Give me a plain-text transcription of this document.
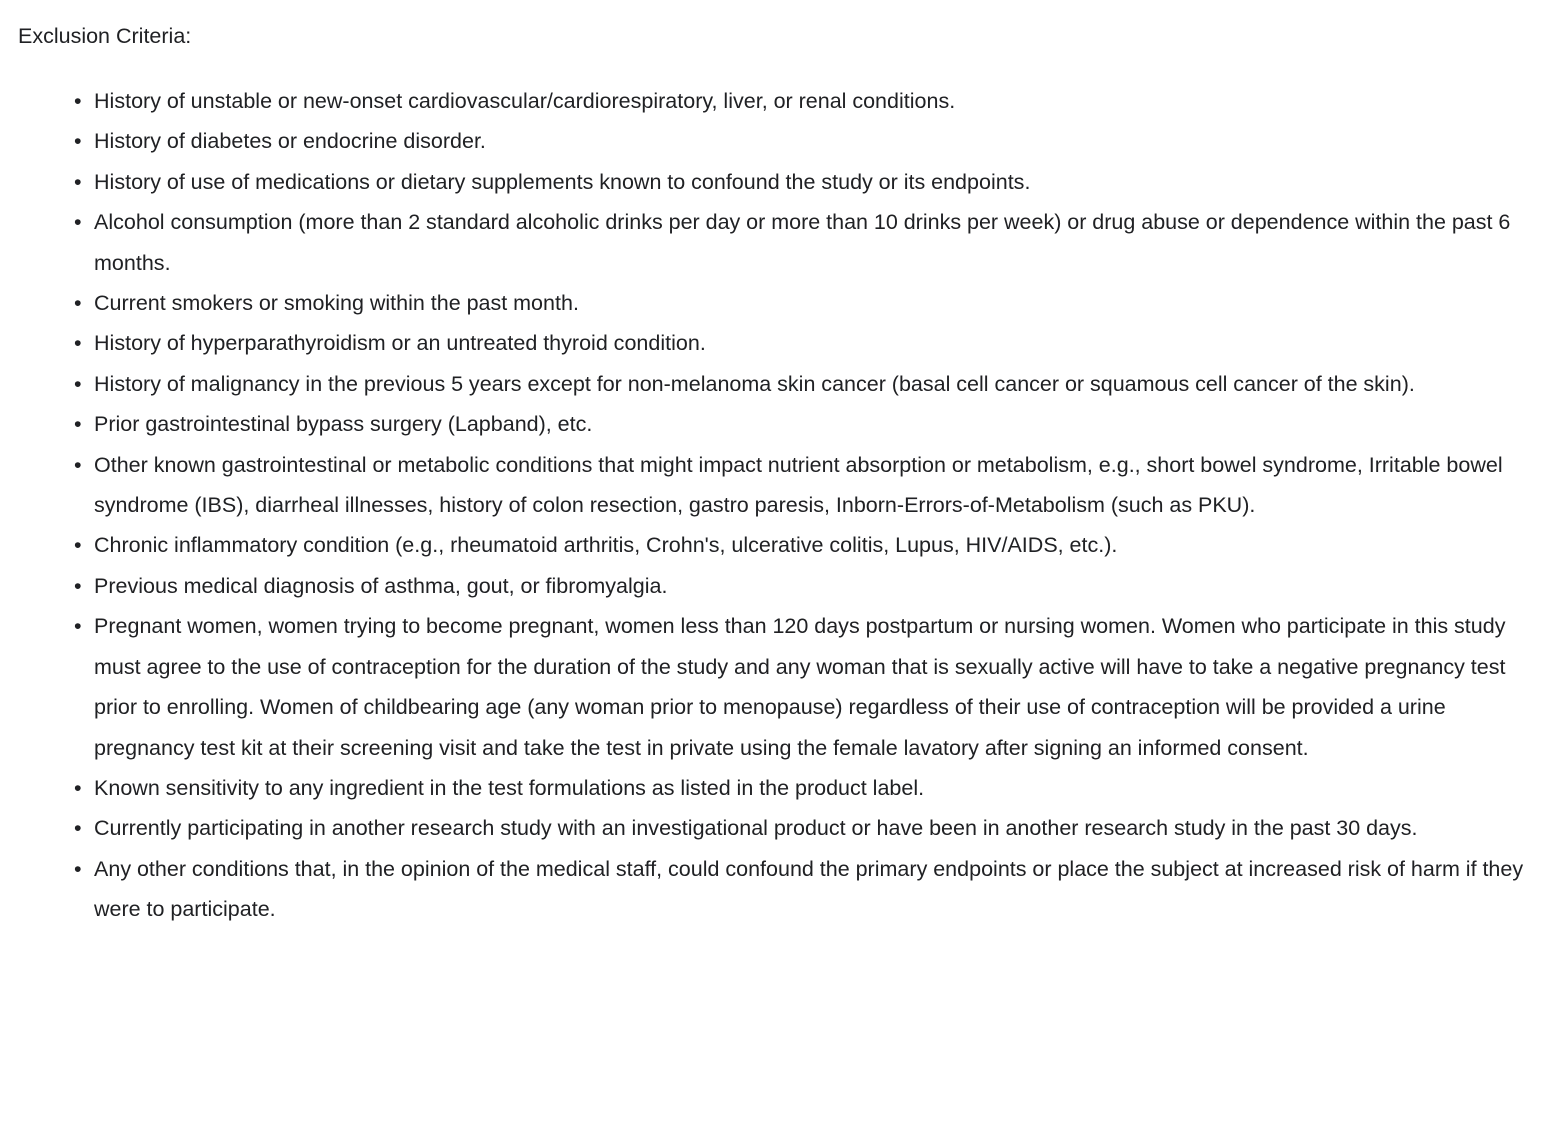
Exclusion Criteria:
• History of unstable or new-onset cardiovascular/cardiorespiratory, liver, or renal conditions.
• History of diabetes or endocrine disorder.
• History of use of medications or dietary supplements known to confound the study or its endpoints.
• Alcohol consumption (more than 2 standard alcoholic drinks per day or more than 10 drinks per week) or drug abuse or dependence within the past 6 months.
• Current smokers or smoking within the past month.
• History of hyperparathyroidism or an untreated thyroid condition.
• History of malignancy in the previous 5 years except for non-melanoma skin cancer (basal cell cancer or squamous cell cancer of the skin).
• Prior gastrointestinal bypass surgery (Lapband), etc.
• Other known gastrointestinal or metabolic conditions that might impact nutrient absorption or metabolism, e.g., short bowel syndrome, Irritable bowel syndrome (IBS), diarrheal illnesses, history of colon resection, gastro paresis, Inborn-Errors-of-Metabolism (such as PKU).
• Chronic inflammatory condition (e.g., rheumatoid arthritis, Crohn's, ulcerative colitis, Lupus, HIV/AIDS, etc.).
• Previous medical diagnosis of asthma, gout, or fibromyalgia.
• Pregnant women, women trying to become pregnant, women less than 120 days postpartum or nursing women. Women who participate in this study must agree to the use of contraception for the duration of the study and any woman that is sexually active will have to take a negative pregnancy test prior to enrolling. Women of childbearing age (any woman prior to menopause) regardless of their use of contraception will be provided a urine pregnancy test kit at their screening visit and take the test in private using the female lavatory after signing an informed consent.
• Known sensitivity to any ingredient in the test formulations as listed in the product label.
• Currently participating in another research study with an investigational product or have been in another research study in the past 30 days.
• Any other conditions that, in the opinion of the medical staff, could confound the primary endpoints or place the subject at increased risk of harm if they were to participate.
